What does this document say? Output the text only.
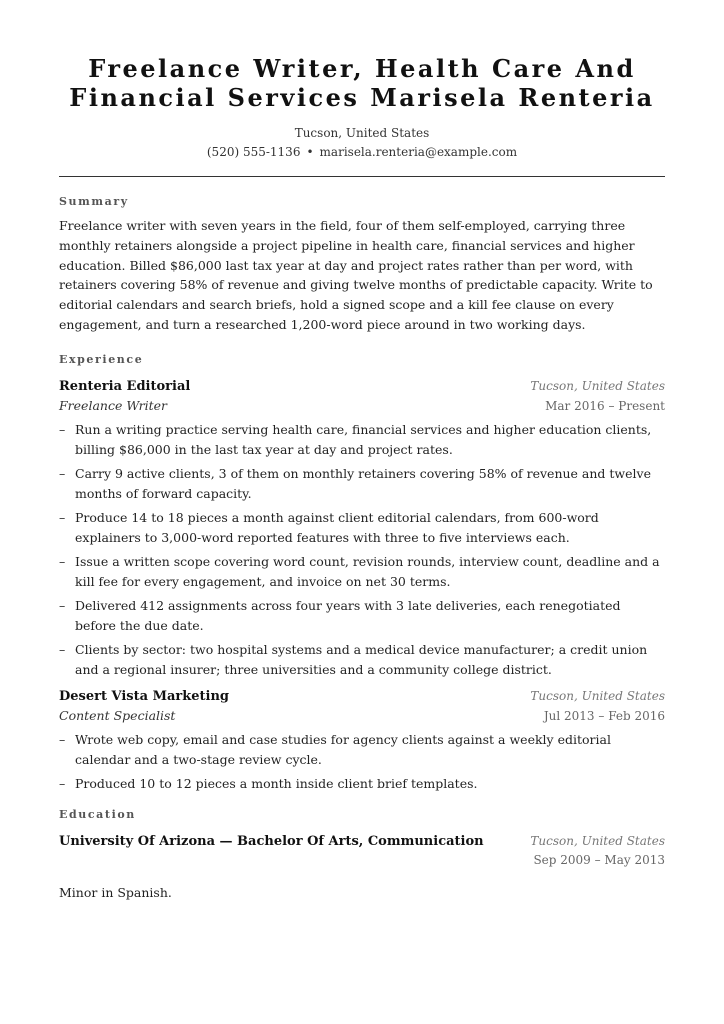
Freelance Writer, Health Care And Financial Services Marisela Renteria
Tucson, United States
(520) 555-1136 • marisela.renteria@example.com
Summary

Freelance writer with seven years in the field, four of them self-employed, carrying three monthly retainers alongside a project pipeline in health care, financial services and higher education. Billed $86,000 last tax year at day and project rates rather than per word, with retainers covering 58% of revenue and giving twelve months of predictable capacity. Write to editorial calendars and search briefs, hold a signed scope and a kill fee clause on every engagement, and turn a researched 1,200-word piece around in two working days.

Experience
Renteria Editorial	Tucson, United States
Freelance Writer	Mar 2016 – Present
– Run a writing practice serving health care, financial services and higher education clients, billing $86,000 in the last tax year at day and project rates.
– Carry 9 active clients, 3 of them on monthly retainers covering 58% of revenue and twelve months of forward capacity.
– Produce 14 to 18 pieces a month against client editorial calendars, from 600-word explainers to 3,000-word reported features with three to five interviews each.
– Issue a written scope covering word count, revision rounds, interview count, deadline and a kill fee for every engagement, and invoice on net 30 terms.
– Delivered 412 assignments across four years with 3 late deliveries, each renegotiated before the due date.
– Clients by sector: two hospital systems and a medical device manufacturer; a credit union and a regional insurer; three universities and a community college district.
Desert Vista Marketing	Tucson, United States
Content Specialist	Jul 2013 – Feb 2016
– Wrote web copy, email and case studies for agency clients against a weekly editorial calendar and a two-stage review cycle.
– Produced 10 to 12 pieces a month inside client brief templates.
Education
University Of Arizona — Bachelor Of Arts, Communication	Tucson, United States
Sep 2009 – May 2013
Minor in Spanish.
